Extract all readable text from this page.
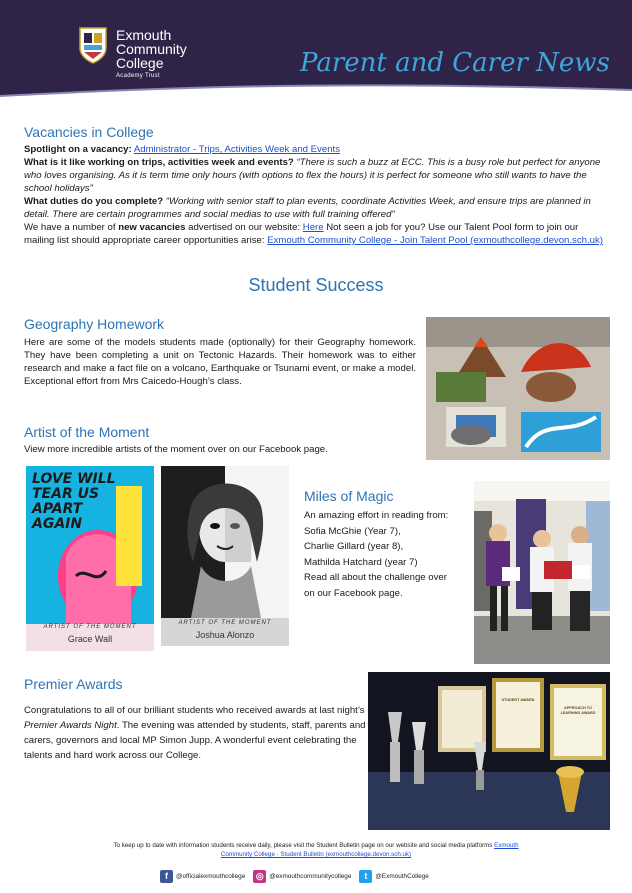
Exmouth
Community
College
Academy Trust	Parent and Carer News
Vacancies in College
Spotlight on a vacancy: Administrator - Trips, Activities Week and Events
What is it like working on trips, activities week and events? “There is such a buzz at ECC. This is a busy role but perfect for anyone who loves organising. As it is term time only hours (with options to flex the hours) it is perfect for someone who still wants to have the school holidays”
What duties do you complete? “Working with senior staff to plan events, coordinate Activities Week, and ensure trips are planned in detail. There are certain programmes and social medias to use with full training offered”
We have a number of new vacancies advertised on our website: Here Not seen a job for you? Use our Talent Pool form to join our mailing list should appropriate career opportunities arise: Exmouth Community College - Join Talent Pool (exmouthcollege.devon.sch.uk)
Student Success
Geography Homework
Here are some of the models students made (optionally) for their Geography homework. They have been completing a unit on Tectonic Hazards. Their homework was to either research and make a fact file on a volcano, Earthquake or Tsunami event, or make a model. Exceptional effort from Mrs Caicedo-Hough’s class.
Artist of the Moment
View more incredible artists of the moment over on our Facebook page.
LOVE WILL TEAR US APART AGAIN
ARTIST OF THE MOMENT
Grace Wall
ARTIST OF THE MOMENT
Joshua Alonzo
Miles of Magic
An amazing effort in reading from:
Sofia McGhie (Year 7),
Charlie Gillard (year 8),
Mathilda Hatchard (year 7)
Read all about the challenge over
on our Facebook page.
Premier Awards
Congratulations to all of our brilliant students who received awards at last night’s Premier Awards Night. The evening was attended by students, staff, parents and carers, governors and local MP Simon Jupp. A wonderful event celebrating the talents and hard work across our College.
STUDENT AWARD
APPROACH TO LEARNING AWARD
To keep up to date with information students receive daily, please visit the Student Bulletin page on our website and social media platforms Exmouth Community College - Student Bulletin (exmouthcollege.devon.sch.uk)
f	@officialexmouthcollege ◎ @exmouthcommunitycollege	t	@ExmouthCollege
